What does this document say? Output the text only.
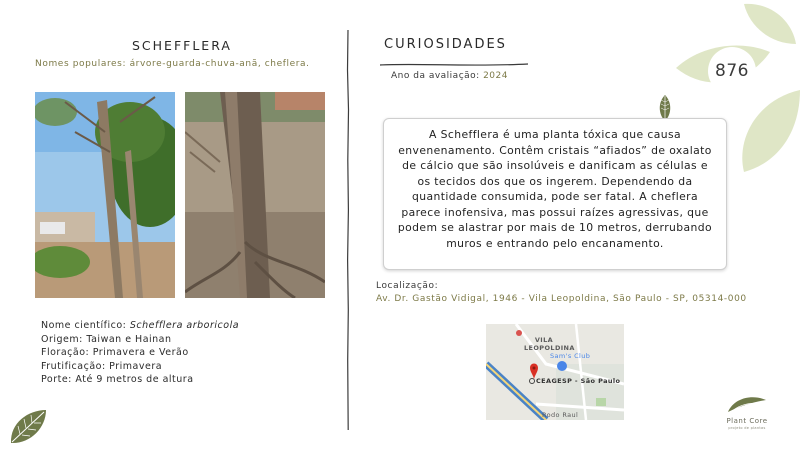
SCHEFFLERA
Nomes populares: árvore-guarda-chuva-anã, cheflera.
Nome científico: Schefflera arboricola
Origem: Taiwan e Hainan
Floração: Primavera e Verão
Frutificação: Primavera
Porte: Até 9 metros de altura
CURIOSIDADES
Ano da avaliação: 2024	876
A Schefflera é uma planta tóxica que causa envenenamento. Contêm cristais “afiados” de oxalato de cálcio que são insolúveis e danificam as células e os tecidos dos que os ingerem. Dependendo da quantidade consumida, pode ser fatal. A cheflera parece inofensiva, mas possui raízes agressivas, que podem se alastrar por mais de 10 metros, derrubando muros e entrando pelo encanamento.
Localização:
Av. Dr. Gastão Vidigal, 1946 - Vila Leopoldina, São Paulo - SP, 05314-000
VILA LEOPOLDINA
Sam's Club
CEAGESP - São Paulo
Rodo Raul
Plant Core
projeto de plantas
